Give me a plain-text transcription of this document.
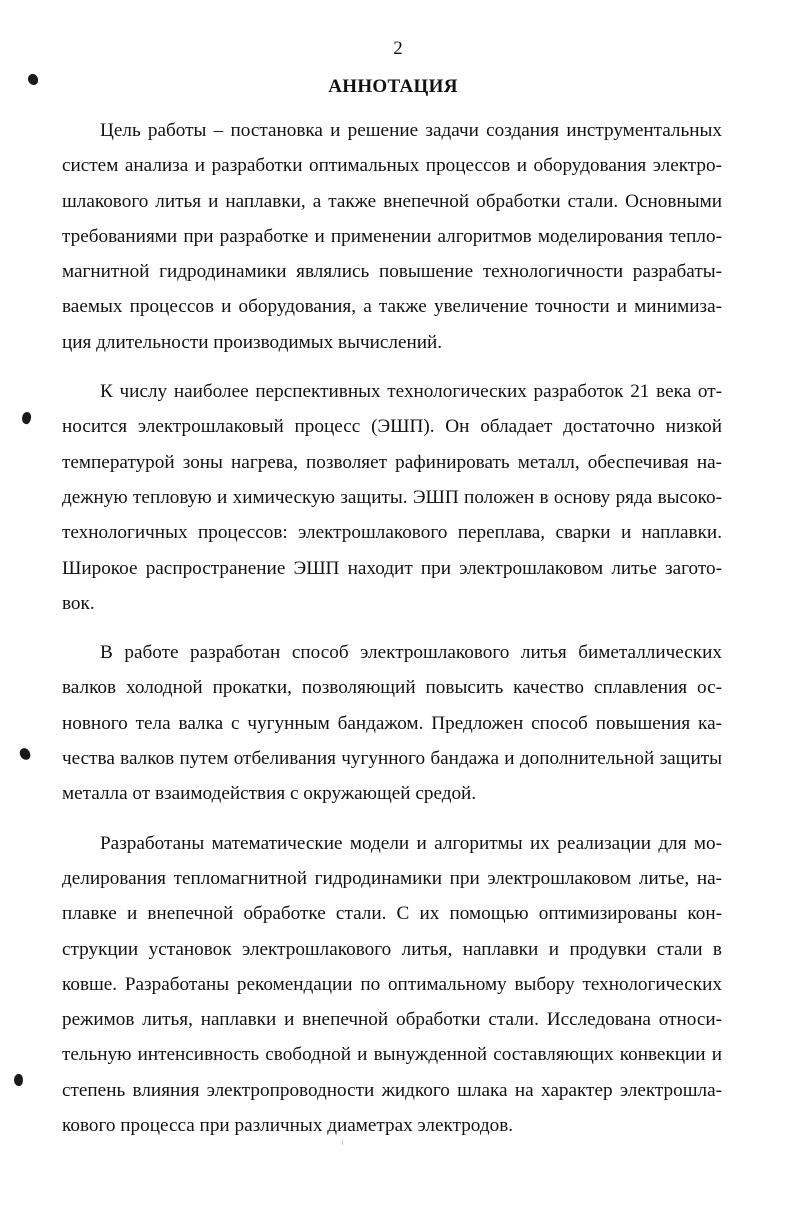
2
АННОТАЦИЯ

Цель работы – постановка и решение задачи создания инструментальных систем анализа и разработки оптимальных процессов и оборудования электрошлакового литья и наплавки, а также внепечной обработки стали. Основными требованиями при разработке и применении алгоритмов моделирования тепломагнитной гидродинамики являлись повышение технологичности разрабатываемых процессов и оборудования, а также увеличение точности и минимизация длительности производимых вычислений.

К числу наиболее перспективных технологических разработок 21 века относится электрошлаковый процесс (ЭШП). Он обладает достаточно низкой температурой зоны нагрева, позволяет рафинировать металл, обеспечивая надежную тепловую и химическую защиты. ЭШП положен в основу ряда высокотехнологичных процессов: электрошлакового переплава, сварки и наплавки. Широкое распространение ЭШП находит при электрошлаковом литье заготовок.

В работе разработан способ электрошлакового литья биметаллических валков холодной прокатки, позволяющий повысить качество сплавления основного тела валка с чугунным бандажом. Предложен способ повышения качества валков путем отбеливания чугунного бандажа и дополнительной защиты металла от взаимодействия с окружающей средой.

Разработаны математические модели и алгоритмы их реализации для моделирования тепломагнитной гидродинамики при электрошлаковом литье, наплавке и внепечной обработке стали. С их помощью оптимизированы конструкции установок электрошлакового литья, наплавки и продувки стали в ковше. Разработаны рекомендации по оптимальному выбору технологических режимов литья, наплавки и внепечной обработки стали. Исследована относительную интенсивность свободной и вынужденной составляющих конвекции и степень влияния электропроводности жидкого шлака на характер электрошлакового процесса при различных диаметрах электродов.
